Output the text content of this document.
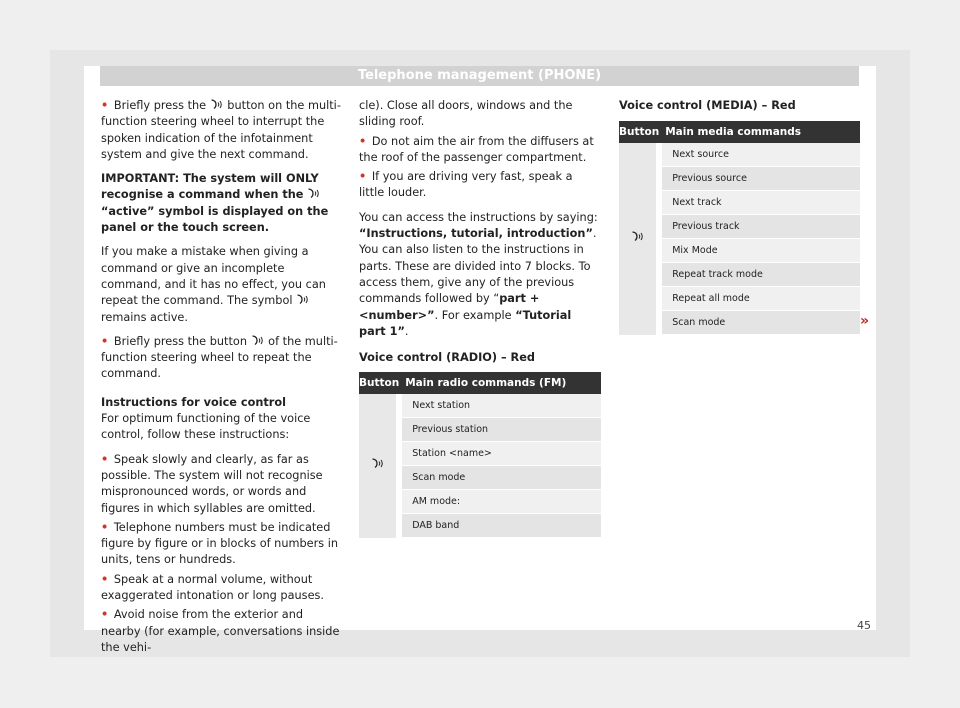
Telephone management (PHONE)

• Briefly press the
button on the multi-function steering wheel to interrupt the spoken indication of the infotainment system and give the next command.

IMPORTANT: The system will ONLY recognise a command when the
“active” symbol is displayed on the panel or the touch screen.

If you make a mistake when giving a command or give an incomplete command, and it has no effect, you can repeat the command. The symbol
remains active.

• Briefly press the button
of the multi-function steering wheel to repeat the command.

Instructions for voice control

For optimum functioning of the voice control, follow these instructions:

• Speak slowly and clearly, as far as possible. The system will not recognise mispronounced words, or words and figures in which syllables are omitted.

• Telephone numbers must be indicated figure by figure or in blocks of numbers in units, tens or hundreds.

• Speak at a normal volume, without exaggerated intonation or long pauses.

• Avoid noise from the exterior and nearby (for example, conversations inside the vehi-

cle). Close all doors, windows and the sliding roof.

• Do not aim the air from the diffusers at the roof of the passenger compartment.

• If you are driving very fast, speak a little louder.

You can access the instructions by saying: “Instructions, tutorial, introduction”. You can also listen to the instructions in parts. These are divided into 7 blocks. To access them, give any of the previous commands followed by “part + <number>”. For example “Tutorial part 1”.

Voice control (RADIO) – Red

Button	Main radio commands (FM)

	Next station
	Previous station
	Station <name>
	Scan mode
	AM mode:
	DAB band

Voice control (MEDIA) – Red

Button	Main media commands

	Next source
	Previous source
	Next track
	Previous track
	Mix Mode
	Repeat track mode
	Repeat all mode
	Scan mode	»
45
